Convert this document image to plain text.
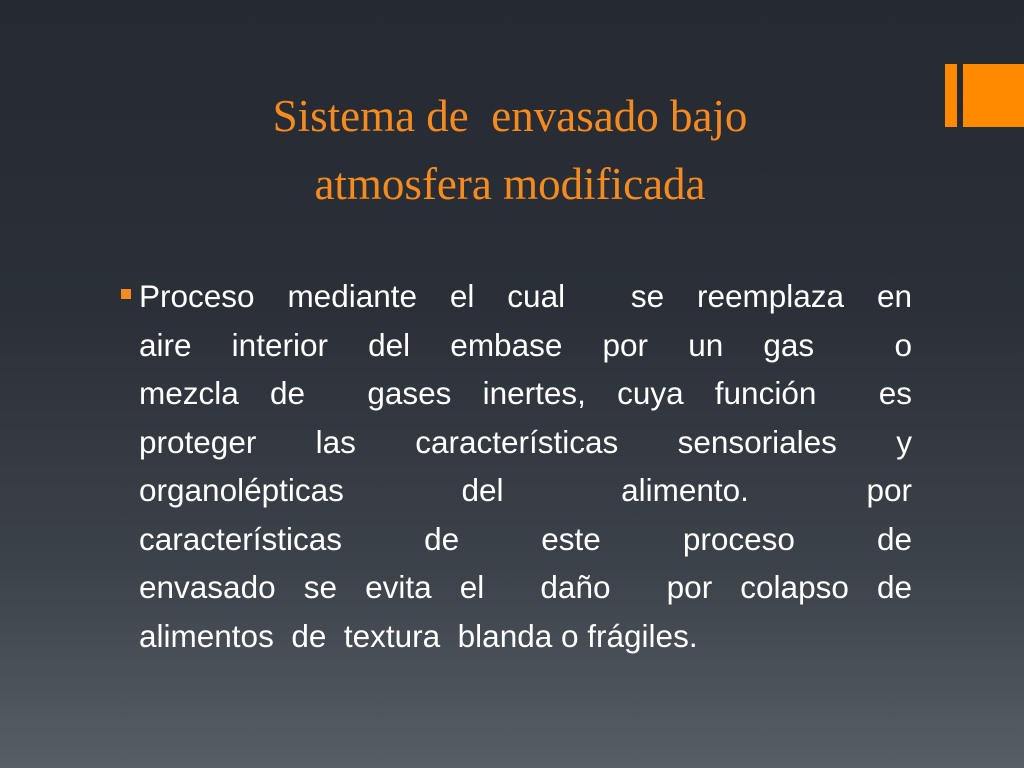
Sistema de  envasado bajo
atmosfera modificada
Proceso mediante el cual  se reemplaza en
aire interior del embase por un gas  o
mezcla de  gases inertes, cuya función  es
proteger las características sensoriales y
organolépticas del alimento. por
características de este proceso de
envasado se evita el  daño  por colapso de
alimentos  de  textura  blanda o frágiles.
